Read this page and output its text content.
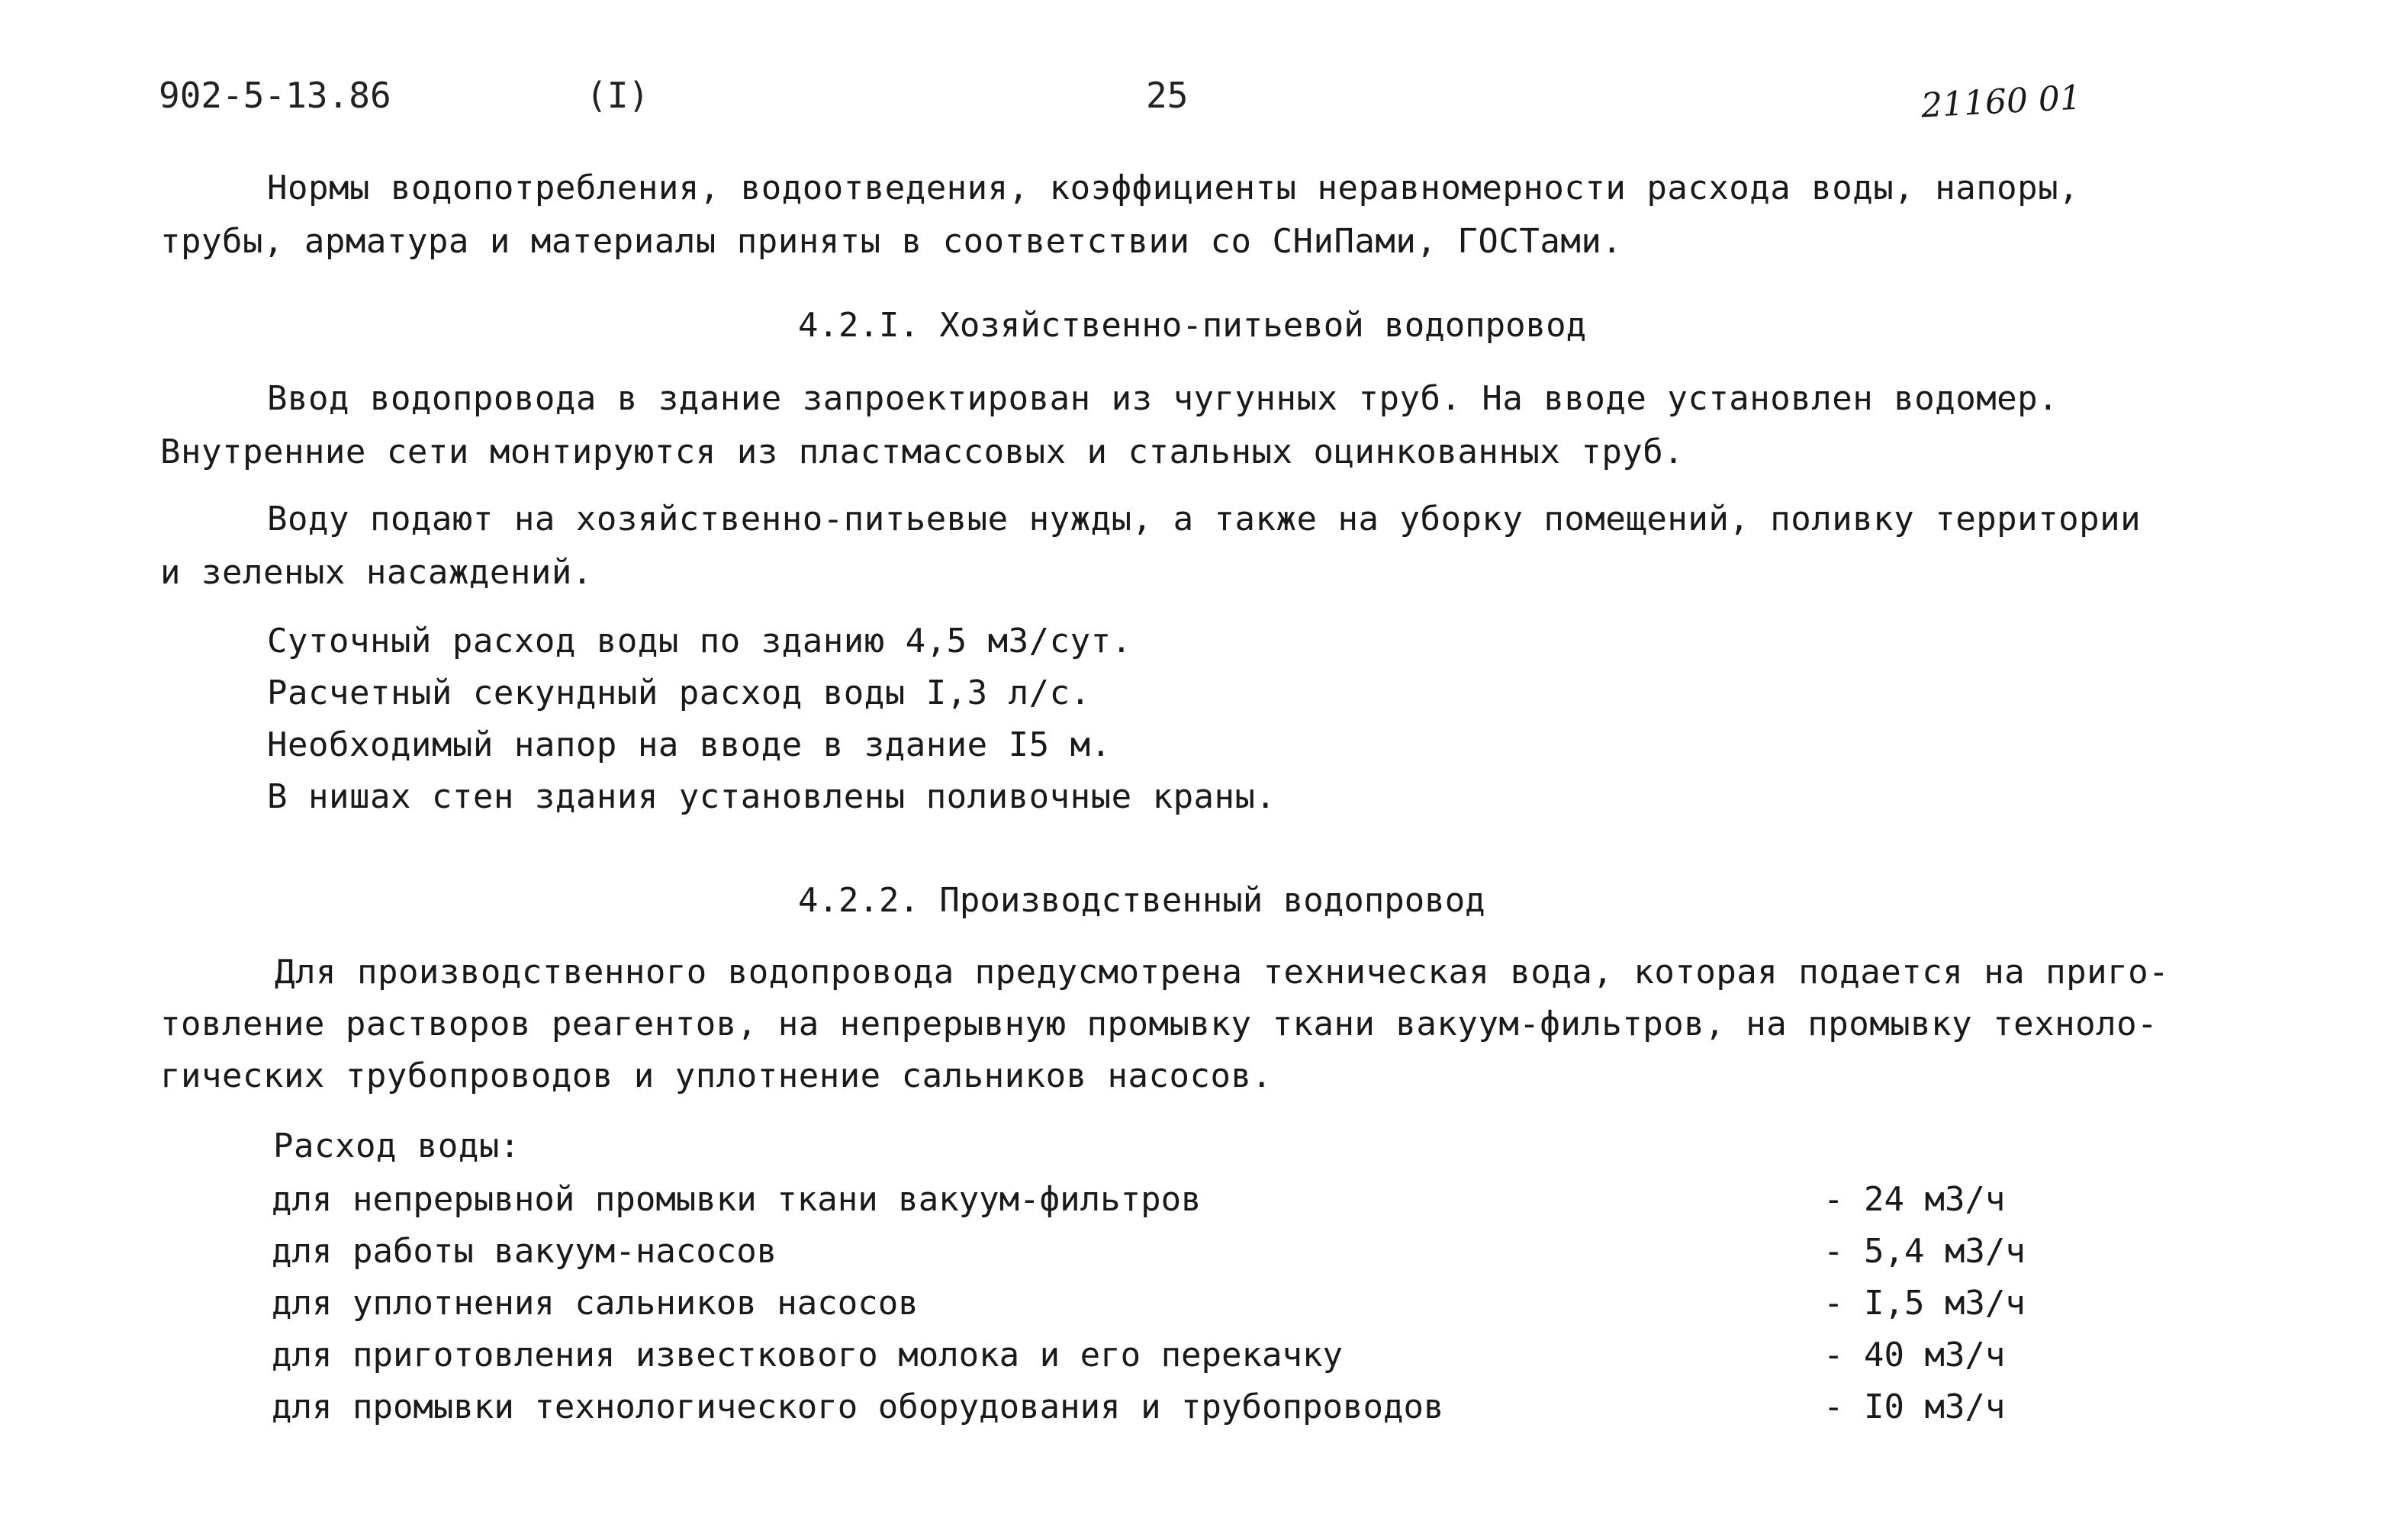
902-5-13.86	(I)	25	21160 01
Нормы водопотребления, водоотведения, коэффициенты неравномерности расхода воды, напоры,
трубы, арматура и материалы приняты в соответствии со СНиПами, ГОСТами.
4.2.I. Хозяйственно-питьевой водопровод
Ввод водопровода в здание запроектирован из чугунных труб. На вводе установлен водомер.
Внутренние сети монтируются из пластмассовых и стальных оцинкованных труб.
Воду подают на хозяйственно-питьевые нужды, а также на уборку помещений, поливку территории
и зеленых насаждений.
Суточный расход воды по зданию 4,5 м3/сут.
Расчетный секундный расход воды I,3 л/с.
Необходимый напор на вводе в здание I5 м.
В нишах стен здания установлены поливочные краны.
4.2.2. Производственный водопровод
Для производственного водопровода предусмотрена техническая вода, которая подается на приго-
товление растворов реагентов, на непрерывную промывку ткани вакуум-фильтров, на промывку техноло-
гических трубопроводов и уплотнение сальников насосов.
Расход воды:
для непрерывной промывки ткани вакуум-фильтров	- 24 м3/ч
для работы вакуум-насосов	- 5,4 м3/ч
для уплотнения сальников насосов	- I,5 м3/ч
для приготовления известкового молока и его перекачку	- 40 м3/ч
для промывки технологического оборудования и трубопроводов	- I0 м3/ч
